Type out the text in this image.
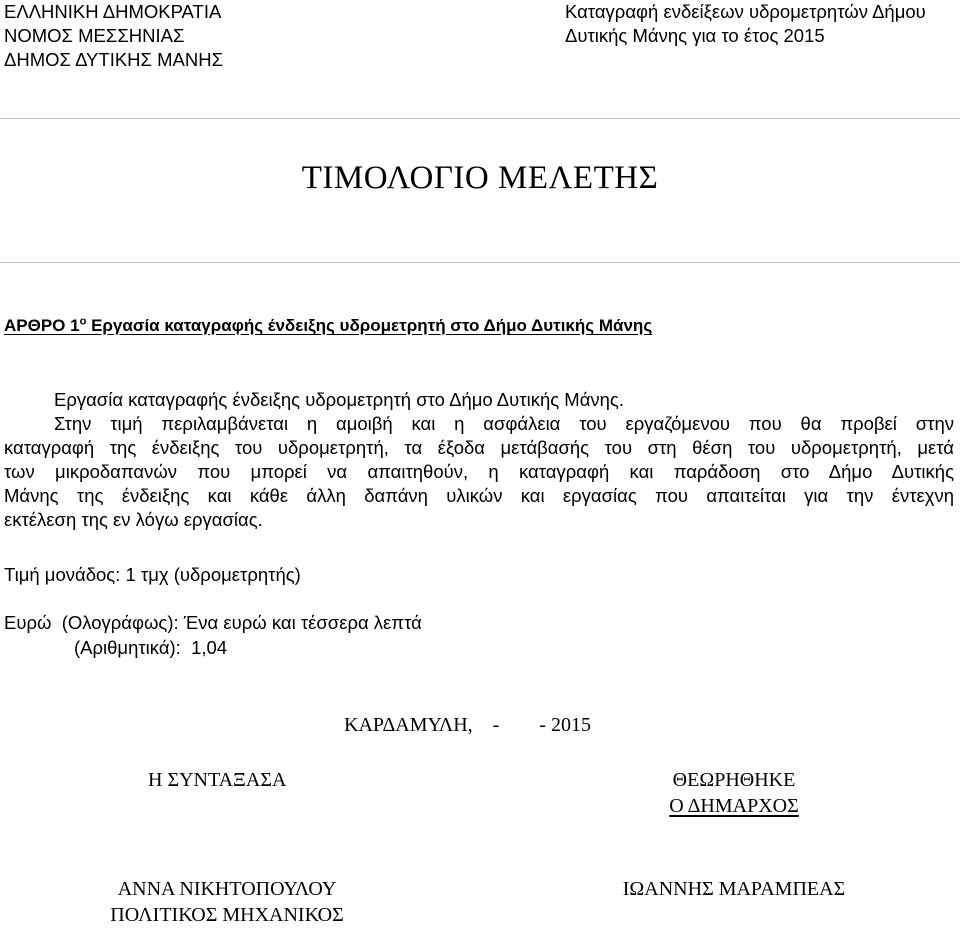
ΕΛΛΗΝΙΚΗ ΔΗΜΟΚΡΑΤΙΑ
ΝΟΜΟΣ ΜΕΣΣΗΝΙΑΣ
ΔΗΜΟΣ ΔΥΤΙΚΗΣ ΜΑΝΗΣ
Καταγραφή ενδείξεων υδρομετρητών Δήμου
Δυτικής Μάνης για το έτος 2015
ΤΙΜΟΛΟΓΙΟ ΜΕΛΕΤΗΣ
ΑΡΘΡΟ $1^o$ Εργασία καταγραφής ένδειξης υδρομετρητή στο Δήμο Δυτικής Μάνης
Εργασία καταγραφής ένδειξης υδρομετρητή στο Δήμο Δυτικής Μάνης.
Στην τιμή περιλαμβάνεται η αμοιβή και η ασφάλεια του εργαζόμενου που θα προβεί στην
καταγραφή της ένδειξης του υδρομετρητή, τα έξοδα μετάβασής του στη θέση του υδρομετρητή, μετά
των μικροδαπανών που μπορεί να απαιτηθούν, η καταγραφή και παράδοση στο Δήμο Δυτικής
Μάνης της ένδειξης και κάθε άλλη δαπάνη υλικών και εργασίας που απαιτείται για την έντεχνη
εκτέλεση της εν λόγω εργασίας.
Τιμή μονάδος: 1 τμχ (υδρομετρητής)
Ευρώ  (Ολογράφως): Ένα ευρώ και τέσσερα λεπτά
(Αριθμητικά):  1,04
ΚΑΡΔΑΜΥΛΗ,    -        - 2015
Η ΣΥΝΤΑΞΑΣΑ
ΑΝΝΑ ΝΙΚΗΤΟΠΟΥΛΟΥ
ΠΟΛΙΤΙΚΟΣ ΜΗΧΑΝΙΚΟΣ
ΘΕΩΡΗΘΗΚΕ
Ο ΔΗΜΑΡΧΟΣ
ΙΩΑΝΝΗΣ ΜΑΡΑΜΠΕΑΣ
